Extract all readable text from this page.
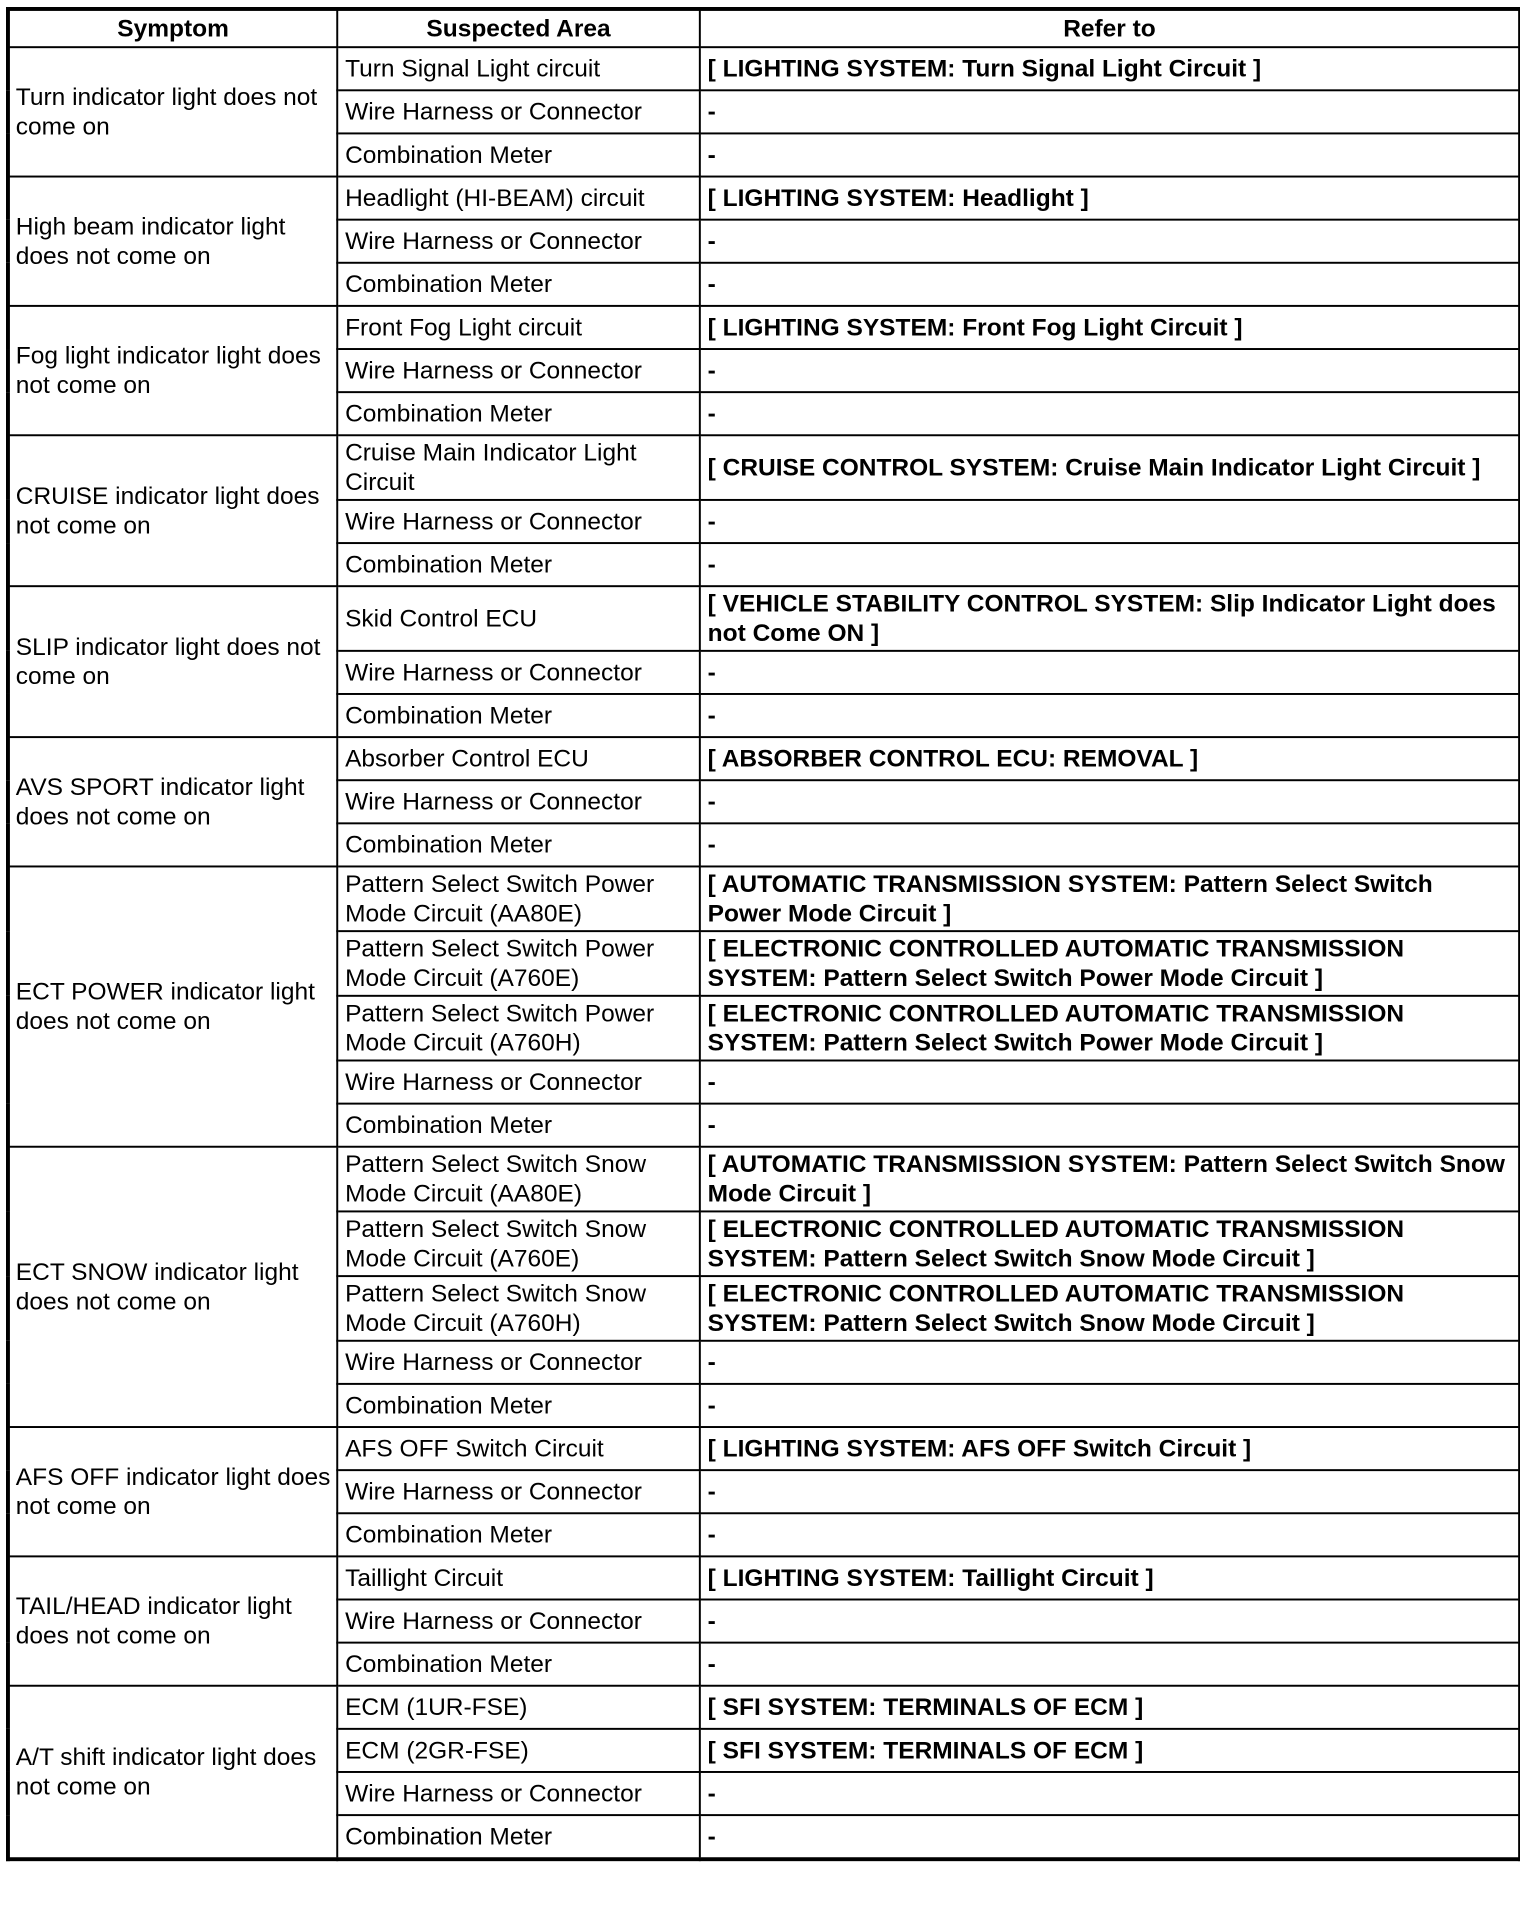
Symptom	Suspected Area	Refer to
Turn indicator light does not come on	Turn Signal Light circuit	[ LIGHTING SYSTEM: Turn Signal Light Circuit ]
	Wire Harness or Connector	-
	Combination Meter	-
High beam indicator light does not come on	Headlight (HI-BEAM) circuit	[ LIGHTING SYSTEM: Headlight ]
	Wire Harness or Connector	-
	Combination Meter	-
Fog light indicator light does not come on	Front Fog Light circuit	[ LIGHTING SYSTEM: Front Fog Light Circuit ]
	Wire Harness or Connector	-
	Combination Meter	-
CRUISE indicator light does not come on	Cruise Main Indicator Light Circuit	[ CRUISE CONTROL SYSTEM: Cruise Main Indicator Light Circuit ]
	Wire Harness or Connector	-
	Combination Meter	-
SLIP indicator light does not come on	Skid Control ECU	[ VEHICLE STABILITY CONTROL SYSTEM: Slip Indicator Light does not Come ON ]
	Wire Harness or Connector	-
	Combination Meter	-
AVS SPORT indicator light does not come on	Absorber Control ECU	[ ABSORBER CONTROL ECU: REMOVAL ]
	Wire Harness or Connector	-
	Combination Meter	-
ECT POWER indicator light does not come on	Pattern Select Switch Power Mode Circuit (AA80E)	[ AUTOMATIC TRANSMISSION SYSTEM: Pattern Select Switch Power Mode Circuit ]
	Pattern Select Switch Power Mode Circuit (A760E)	[ ELECTRONIC CONTROLLED AUTOMATIC TRANSMISSION SYSTEM: Pattern Select Switch Power Mode Circuit ]
	Pattern Select Switch Power Mode Circuit (A760H)	[ ELECTRONIC CONTROLLED AUTOMATIC TRANSMISSION SYSTEM: Pattern Select Switch Power Mode Circuit ]
	Wire Harness or Connector	-
	Combination Meter	-
ECT SNOW indicator light does not come on	Pattern Select Switch Snow Mode Circuit (AA80E)	[ AUTOMATIC TRANSMISSION SYSTEM: Pattern Select Switch Snow Mode Circuit ]
	Pattern Select Switch Snow Mode Circuit (A760E)	[ ELECTRONIC CONTROLLED AUTOMATIC TRANSMISSION SYSTEM: Pattern Select Switch Snow Mode Circuit ]
	Pattern Select Switch Snow Mode Circuit (A760H)	[ ELECTRONIC CONTROLLED AUTOMATIC TRANSMISSION SYSTEM: Pattern Select Switch Snow Mode Circuit ]
	Wire Harness or Connector	-
	Combination Meter	-
AFS OFF indicator light does not come on	AFS OFF Switch Circuit	[ LIGHTING SYSTEM: AFS OFF Switch Circuit ]
	Wire Harness or Connector	-
	Combination Meter	-
TAIL/HEAD indicator light does not come on	Taillight Circuit	[ LIGHTING SYSTEM: Taillight Circuit ]
	Wire Harness or Connector	-
	Combination Meter	-
A/T shift indicator light does not come on	ECM (1UR-FSE)	[ SFI SYSTEM: TERMINALS OF ECM ]
	ECM (2GR-FSE)	[ SFI SYSTEM: TERMINALS OF ECM ]
	Wire Harness or Connector	-
	Combination Meter	-
